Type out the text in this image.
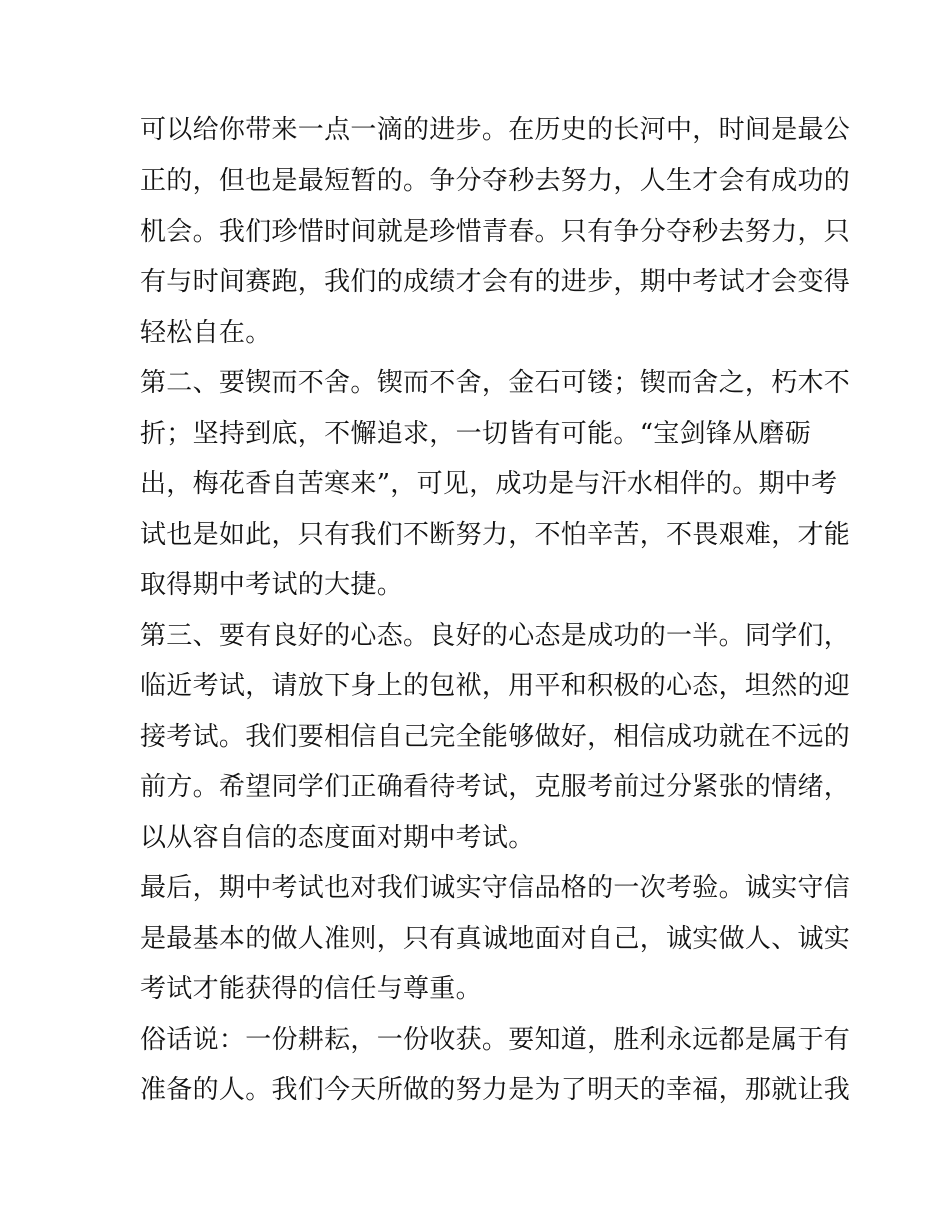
可以给你带来一点一滴的进步。在历史的长河中，时间是最公
正的，但也是最短暂的。争分夺秒去努力，人生才会有成功的
机会。我们珍惜时间就是珍惜青春。只有争分夺秒去努力，只
有与时间赛跑，我们的成绩才会有的进步，期中考试才会变得
轻松自在。
第二、要锲而不舍。锲而不舍，金石可镂；锲而舍之，朽木不
折；坚持到底，不懈追求，一切皆有可能。“宝剑锋从磨砺
出，梅花香自苦寒来”，可见，成功是与汗水相伴的。期中考
试也是如此，只有我们不断努力，不怕辛苦，不畏艰难，才能
取得期中考试的大捷。
第三、要有良好的心态。良好的心态是成功的一半。同学们，
临近考试，请放下身上的包袱，用平和积极的心态，坦然的迎
接考试。我们要相信自己完全能够做好，相信成功就在不远的
前方。希望同学们正确看待考试，克服考前过分紧张的情绪，
以从容自信的态度面对期中考试。
最后，期中考试也对我们诚实守信品格的一次考验。诚实守信
是最基本的做人准则，只有真诚地面对自己，诚实做人、诚实
考试才能获得的信任与尊重。
俗话说：一份耕耘，一份收获。要知道，胜利永远都是属于有
准备的人。我们今天所做的努力是为了明天的幸福，那就让我
